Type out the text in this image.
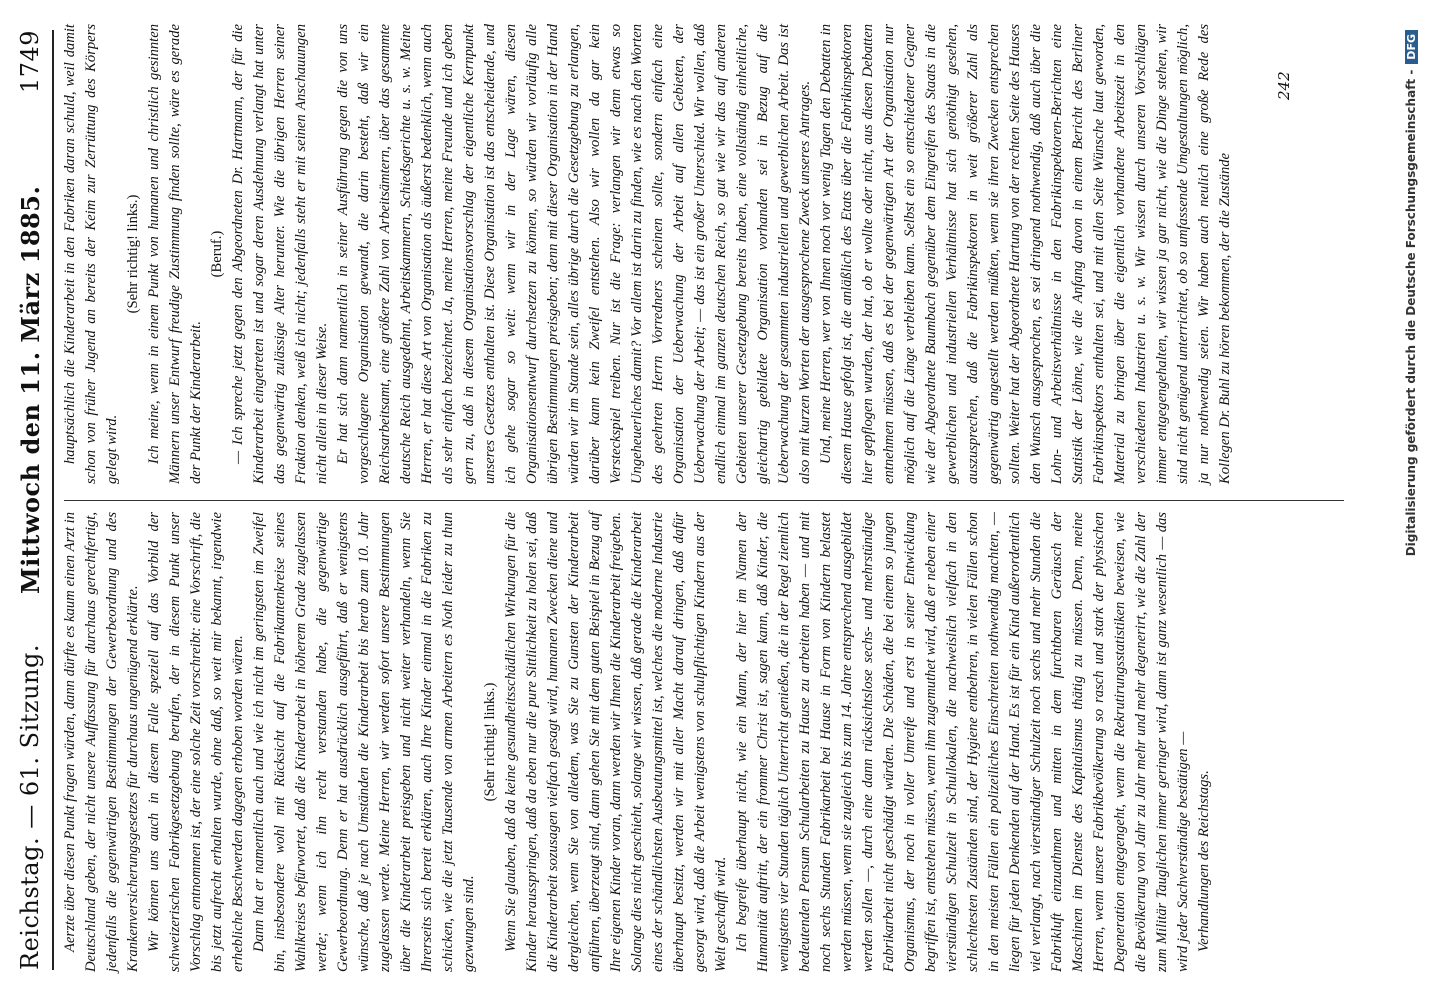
Reichstag. — 61. Sitzung.
Mittwoch den 11. März 1885.
1749

Aerzte über diesen Punkt fragen würden, dann dürfte es kaum einen Arzt in Deutschland geben, der nicht unsere Auffassung für durchaus gerechtfertigt, jedenfalls die gegenwärtigen Bestimmungen der Gewerbeordnung und des Krankenversicherungsgesetzes für durchaus ungenügend erklärte. Wir können uns auch in diesem Falle speziell auf das Vorbild der schweizerischen Fabrikgesetzgebung berufen, der in diesem Punkt unser Vorschlag entnommen ist, der eine solche Zeit vorschreibt: eine Vorschrift, die bis jetzt aufrecht erhalten wurde, ohne daß, so weit mir bekannt, irgendwie erhebliche Beschwerden dagegen erhoben worden wären. Dann hat er namentlich auch und wie ich nicht im geringsten im Zweifel bin, insbesondere wohl mit Rücksicht auf die Fabrikantenkreise seines Wahlkreises befürwortet, daß die Kinderarbeit in höherem Grade zugelassen werde; wenn ich ihn recht verstanden habe, die gegenwärtige Gewerbeordnung. Denn er hat ausdrücklich ausgeführt, daß er wenigstens wünsche, daß je nach Umständen die Kinderarbeit bis herab zum 10. Jahr zugelassen werde. Meine Herren, wir werden sofort unsere Bestimmungen über die Kinderarbeit preisgeben und nicht weiter verhandeln, wenn Sie Ihrerseits sich bereit erklären, auch Ihre Kinder einmal in die Fabriken zu schicken, wie die jetzt Tausende von armen Arbeitern es Noth leider zu thun gezwungen sind.

(Sehr richtig! links.) Wenn Sie glauben, daß da keine gesundheitsschädlichen Wirkungen für die Kinder herausspringen, daß da eben nur die pure Sittlichkeit zu holen sei, daß die Kinderarbeit sozusagen vielfach gesagt wird, humanen Zwecken diene und dergleichen, wenn Sie von alledem, was Sie zu Gunsten der Kinderarbeit anführen, überzeugt sind, dann gehen Sie mit dem guten Beispiel in Bezug auf Ihre eigenen Kinder voran, dann werden wir Ihnen die Kinderarbeit freigeben. Solange dies nicht geschieht, solange wir wissen, daß gerade die Kinderarbeit eines der schändlichsten Ausbeutungsmittel ist, welches die moderne Industrie überhaupt besitzt, werden wir mit aller Macht darauf dringen, daß dafür gesorgt wird, daß die Arbeit wenigstens von schulpflichtigen Kindern aus der Welt geschafft wird. Ich begreife überhaupt nicht, wie ein Mann, der hier im Namen der Humanität auftritt, der ein frommer Christ ist, sagen kann, daß Kinder, die wenigstens vier Stunden täglich Unterricht genießen, die in der Regel ziemlich bedeutenden Pensum Schularbeiten zu Hause zu arbeiten haben — und mit noch sechs Stunden Fabrikarbeit bei Hause in Form von Kindern belastet werden müssen, wenn sie zugleich bis zum 14. Jahre entsprechend ausgebildet werden sollen —, durch eine dann rücksichtslose sechs- und mehrstündige Fabrikarbeit nicht geschädigt würden. Die Schäden, die bei einem so jungen Organismus, der noch in voller Umreife und erst in seiner Entwicklung begriffen ist, entstehen müssen, wenn ihm zugemuthet wird, daß er neben einer vierstündigen Schulzeit in Schullokalen, die nachweislich vielfach in den schlechtesten Zuständen sind, der Hygiene entbehren, in vielen Fällen schon in den meisten Fällen ein polizeiliches Einschreiten nothwendig machten, — liegen für jeden Denkenden auf der Hand. Es ist für ein Kind außerordentlich viel verlangt, nach vierstündiger Schulzeit noch sechs und mehr Stunden die Fabrikluft einzuathmen und mitten in dem furchtbaren Geräusch der Maschinen im Dienste des Kapitalismus thätig zu müssen. Denn, meine Herren, wenn unsere Fabrikbevölkerung so rasch und stark der physischen Degeneration entgegengeht, wenn die Rekrutirungsstatistiken beweisen, wie die Bevölkerung von Jahr zu Jahr mehr und mehr degenerirt, wie die Zahl der zum Militär Tauglichen immer geringer wird, dann ist ganz wesentlich — das wird jeder Sachverständige bestätigen — Verhandlungen des Reichstags.

hauptsächlich die Kinderarbeit in den Fabriken daran schuld, weil damit schon von früher Jugend an bereits der Keim zur Zerrüttung des Körpers gelegt wird.

(Sehr richtig! links.) Ich meine, wenn in einem Punkt von humanen und christlich gesinnten Männern unser Entwurf freudige Zustimmung finden sollte, wäre es gerade der Punkt der Kinderarbeit.

(Beruf.) — Ich spreche jetzt gegen den Abgeordneten Dr. Hartmann, der für die Kinderarbeit eingetreten ist und sogar deren Ausdehnung verlangt hat unter das gegenwärtig zulässige Alter herunter. Wie die übrigen Herren seiner Fraktion denken, weiß ich nicht; jedenfalls steht er mit seinen Anschauungen nicht allein in dieser Weise. Er hat sich dann namentlich in seiner Ausführung gegen die von uns vorgeschlagene Organisation gewandt, die darin besteht, daß wir ein Reichsarbeitsamt, eine größere Zahl von Arbeitsämtern, über das gesammte deutsche Reich ausgedehnt, Arbeitskammern, Schiedsgerichte u. s. w. Meine Herren, er hat diese Art von Organisation als äußerst bedenklich, wenn auch als sehr einfach bezeichnet. Ja, meine Herren, meine Freunde und ich geben gern zu, daß in diesem Organisationsvorschlag der eigentliche Kernpunkt unseres Gesetzes enthalten ist. Diese Organisation ist das entscheidende, und ich gehe sogar so weit: wenn wir in der Lage wären, diesen Organisationsentwurf durchsetzen zu können, so würden wir vorläufig alle übrigen Bestimmungen preisgeben; denn mit dieser Organisation in der Hand würden wir im Stande sein, alles übrige durch die Gesetzgebung zu erlangen, darüber kann kein Zweifel entstehen. Also wir wollen da gar kein Versteckspiel treiben. Nur ist die Frage: verlangen wir denn etwas so Ungeheuerliches damit? Vor allem ist darin zu finden, wie es nach den Worten des geehrten Herrn Vorredners scheinen sollte, sondern einfach eine Organisation der Ueberwachung der Arbeit auf allen Gebieten, der Ueberwachung der Arbeit; — das ist ein großer Unterschied. Wir wollen, daß endlich einmal im ganzen deutschen Reich, so gut wie wir das auf anderen Gebieten unserer Gesetzgebung bereits haben, eine vollständig einheitliche, gleichartig gebildete Organisation vorhanden sei in Bezug auf die Ueberwachung der gesammten industriellen und gewerblichen Arbeit. Das ist also mit kurzen Worten der ausgesprochene Zweck unseres Antrages. Und, meine Herren, wer von Ihnen noch vor wenig Tagen den Debatten in diesem Hause gefolgt ist, die anläßlich des Etats über die Fabrikinspektoren hier gepflogen wurden, der hat, ob er wollte oder nicht, aus diesen Debatten entnehmen müssen, daß es bei der gegenwärtigen Art der Organisation nur möglich auf die Länge verbleiben kann. Selbst ein so entschiedener Gegner wie der Abgeordnete Baumbach gegenüber dem Eingreifen des Staats in die gewerblichen und industriellen Verhältnisse hat sich genöthigt gesehen, auszusprechen, daß die Fabrikinspektoren in weit größerer Zahl als gegenwärtig angestellt werden müßten, wenn sie ihren Zwecken entsprechen sollten. Weiter hat der Abgeordnete Hartung von der rechten Seite des Hauses den Wunsch ausgesprochen, es sei dringend nothwendig, daß auch über die Lohn- und Arbeitsverhältnisse in den Fabrikinspektoren-Berichten eine Statistik der Löhne, wie die Anfang davon in einem Bericht des Berliner Fabrikinspektors enthalten sei, und mit allen Seite Wünsche laut geworden, Material zu bringen über die eigentlich vorhandene Arbeitszeit in den verschiedenen Industrien u. s. w. Wir wissen durch unseren Vorschlägen immer entgegengehalten, wir wissen ja gar nicht, wie die Dinge stehen, wir sind nicht genügend unterrichtet, ob so umfassende Umgestaltungen möglich, ja nur nothwendig seien. Wir haben auch neulich eine große Rede des Kollegen Dr. Buhl zu hören bekommen, der die Zustände

242	Digitalisierung gefördert durch die Deutsche Forschungsgemeinschaft -DFG
